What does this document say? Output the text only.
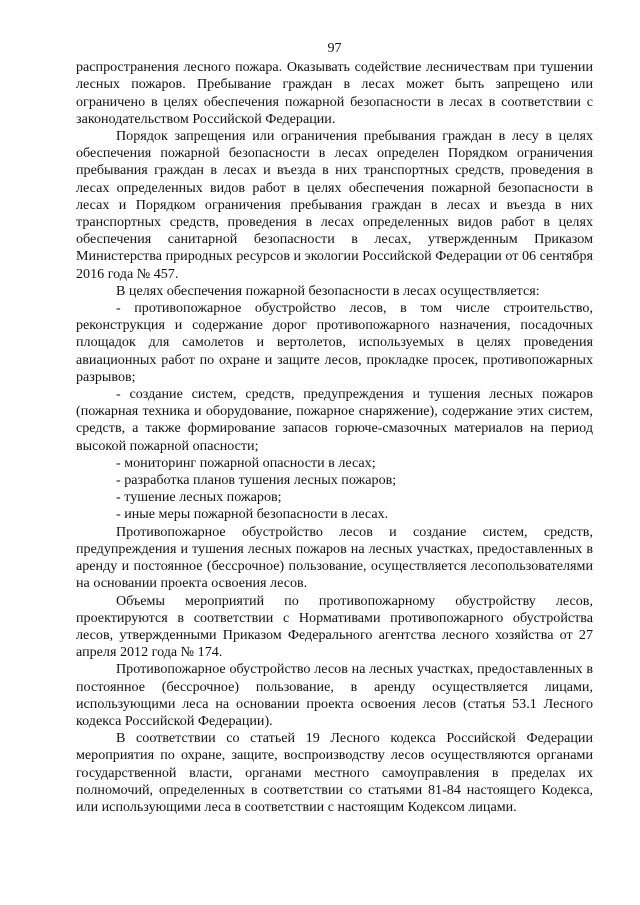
97

распространения лесного пожара. Оказывать содействие лесничествам при тушении лесных пожаров. Пребывание граждан в лесах может быть запрещено или ограничено в целях обеспечения пожарной безопасности в лесах в соответствии с законодательством Российской Федерации.

Порядок запрещения или ограничения пребывания граждан в лесу в целях обеспечения пожарной безопасности в лесах определен Порядком ограничения пребывания граждан в лесах и въезда в них транспортных средств, проведения в лесах определенных видов работ в целях обеспечения пожарной безопасности в лесах и Порядком ограничения пребывания граждан в лесах и въезда в них транспортных средств, проведения в лесах определенных видов работ в целях обеспечения санитарной безопасности в лесах, утвержденным Приказом Министерства природных ресурсов и экологии Российской Федерации от 06 сентября 2016 года № 457.

В целях обеспечения пожарной безопасности в лесах осуществляется:

- противопожарное обустройство лесов, в том числе строительство, реконструкция и содержание дорог противопожарного назначения, посадочных площадок для самолетов и вертолетов, используемых в целях проведения авиационных работ по охране и защите лесов, прокладке просек, противопожарных разрывов;

- создание систем, средств, предупреждения и тушения лесных пожаров (пожарная техника и оборудование, пожарное снаряжение), содержание этих систем, средств, а также формирование запасов горюче-смазочных материалов на период высокой пожарной опасности;

- мониторинг пожарной опасности в лесах;

- разработка планов тушения лесных пожаров;

- тушение лесных пожаров;

- иные меры пожарной безопасности в лесах.

Противопожарное обустройство лесов и создание систем, средств, предупреждения и тушения лесных пожаров на лесных участках, предоставленных в аренду и постоянное (бессрочное) пользование, осуществляется лесопользователями на основании проекта освоения лесов.

Объемы мероприятий по противопожарному обустройству лесов, проектируются в соответствии с Нормативами противопожарного обустройства лесов, утвержденными Приказом Федерального агентства лесного хозяйства от 27 апреля 2012 года № 174.

Противопожарное обустройство лесов на лесных участках, предоставленных в постоянное (бессрочное) пользование, в аренду осуществляется лицами, использующими леса на основании проекта освоения лесов (статья 53.1 Лесного кодекса Российской Федерации).

В соответствии со статьей 19 Лесного кодекса Российской Федерации мероприятия по охране, защите, воспроизводству лесов осуществляются органами государственной власти, органами местного самоуправления в пределах их полномочий, определенных в соответствии со статьями 81-84 настоящего Кодекса, или использующими леса в соответствии с настоящим Кодексом лицами.
